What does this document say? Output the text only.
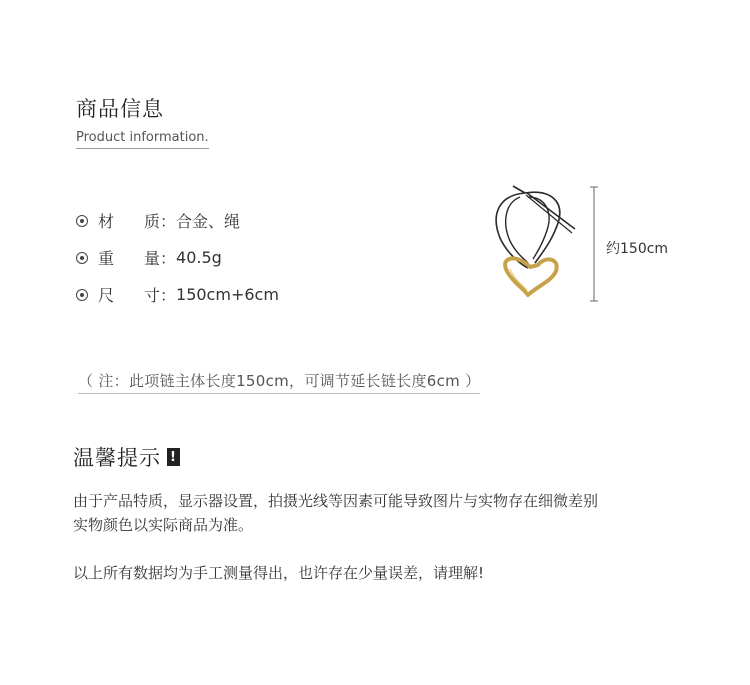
商品信息
Product information.
材	质： 合金、绳
重	量： 40.5g
尺	寸： 150cm+6cm
约150cm
（ 注：此项链主体长度150cm，可调节延长链长度6cm ）
温馨提示 !
由于产品特质，显示器设置，拍摄光线等因素可能导致图片与实物存在细微差别
实物颜色以实际商品为准。
以上所有数据均为手工测量得出，也许存在少量误差，请理解!
